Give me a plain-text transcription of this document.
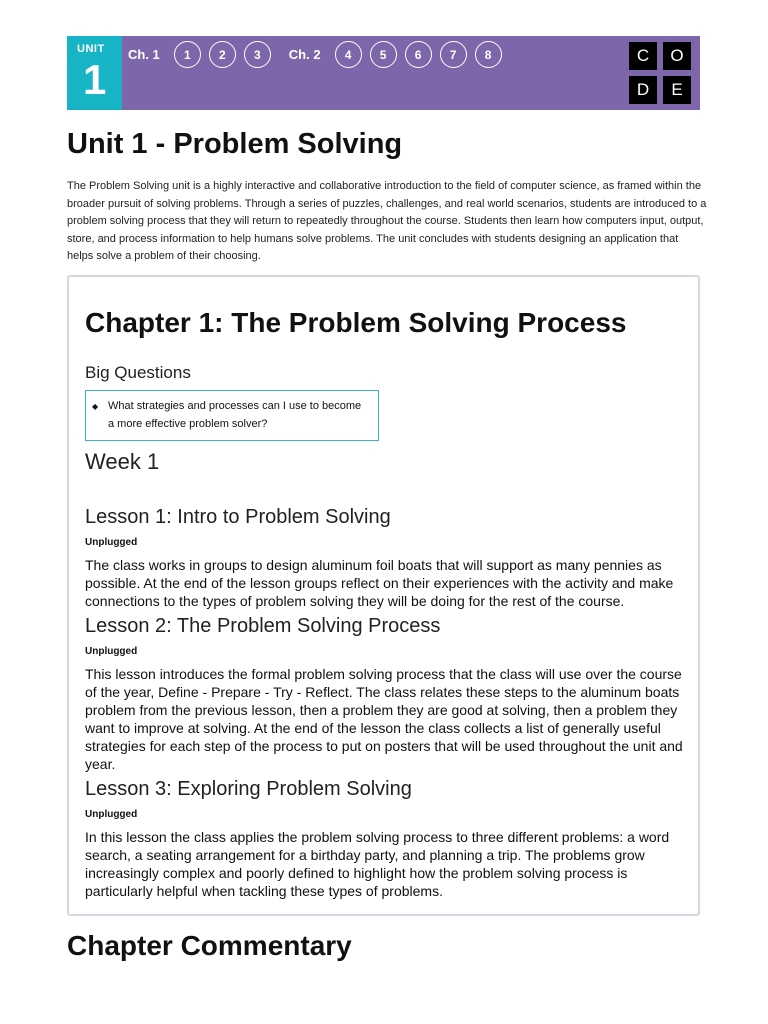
UNIT
1
Ch. 1	1	2	3	Ch. 2	4	5	6	7	8	C	O
D	E
Unit 1 - Problem Solving

The Problem Solving unit is a highly interactive and collaborative introduction to the field of computer science, as framed within the broader pursuit of solving problems. Through a series of puzzles, challenges, and real world scenarios, students are introduced to a problem solving process that they will return to repeatedly throughout the course. Students then learn how computers input, output, store, and process information to help humans solve problems. The unit concludes with students designing an application that helps solve a problem of their choosing.

Chapter 1: The Problem Solving Process
Big Questions
◆ What strategies and processes can I use to become a more effective problem solver?
Week 1
Lesson 1: Intro to Problem Solving
Unplugged

The class works in groups to design aluminum foil boats that will support as many pennies as possible. At the end of the lesson groups reflect on their experiences with the activity and make connections to the types of problem solving they will be doing for the rest of the course.

Lesson 2: The Problem Solving Process
Unplugged

This lesson introduces the formal problem solving process that the class will use over the course of the year, Define - Prepare - Try - Reflect. The class relates these steps to the aluminum boats problem from the previous lesson, then a problem they are good at solving, then a problem they want to improve at solving. At the end of the lesson the class collects a list of generally useful strategies for each step of the process to put on posters that will be used throughout the unit and year.

Lesson 3: Exploring Problem Solving
Unplugged

In this lesson the class applies the problem solving process to three different problems: a word search, a seating arrangement for a birthday party, and planning a trip. The problems grow increasingly complex and poorly defined to highlight how the problem solving process is particularly helpful when tackling these types of problems.

Chapter Commentary
